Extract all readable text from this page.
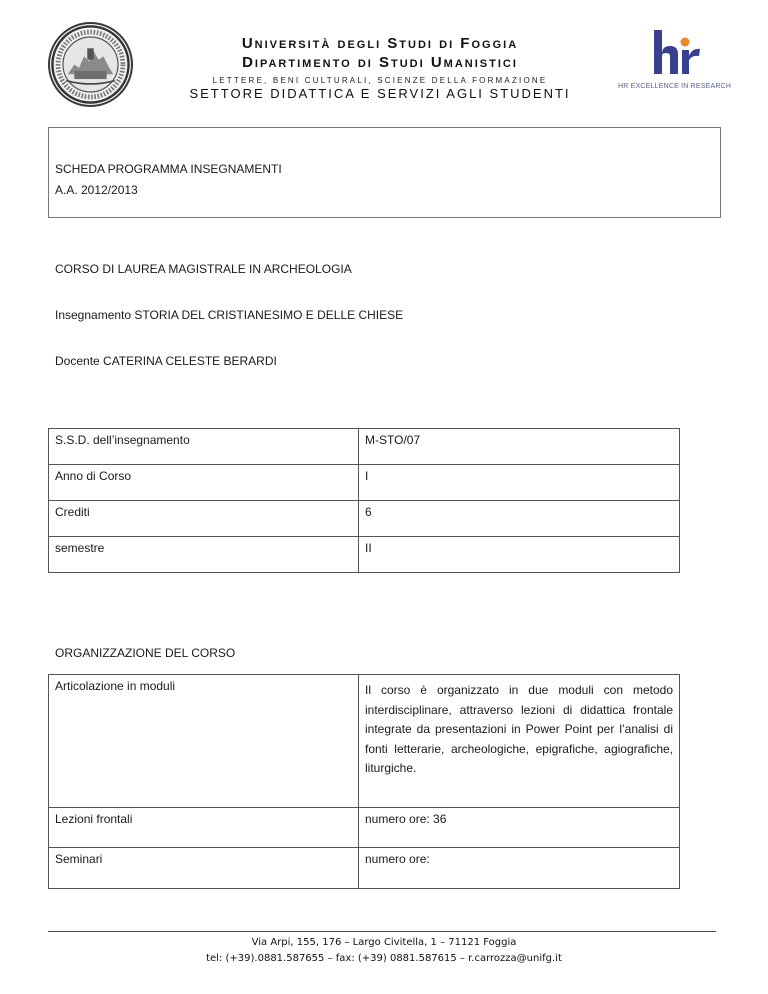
Università degli Studi di Foggia
Dipartimento di Studi Umanistici
LETTERE, BENI CULTURALI, SCIENZE DELLA FORMAZIONE
SETTORE DIDATTICA E SERVIZI AGLI STUDENTI	HR EXCELLENCE IN RESEARCH
SCHEDA PROGRAMMA INSEGNAMENTI
A.A. 2012/2013
CORSO DI LAUREA MAGISTRALE IN ARCHEOLOGIA
Insegnamento STORIA DEL CRISTIANESIMO E DELLE CHIESE
Docente CATERINA CELESTE BERARDI
S.S.D. dell’insegnamento	M-STO/07
Anno di Corso	I
Crediti	6
semestre	II
ORGANIZZAZIONE DEL CORSO
Articolazione in moduli	Il corso è organizzato in due moduli con metodo interdisciplinare, attraverso lezioni di didattica frontale integrate da presentazioni in Power Point per l’analisi di fonti letterarie, archeologiche, epigrafiche, agiografiche, liturgiche.
Lezioni frontali	numero ore: 36
Seminari	numero ore:
Via Arpi, 155, 176 – Largo Civitella, 1 – 71121 Foggia
tel: (+39).0881.587655 – fax: (+39) 0881.587615 – r.carrozza@unifg.it
